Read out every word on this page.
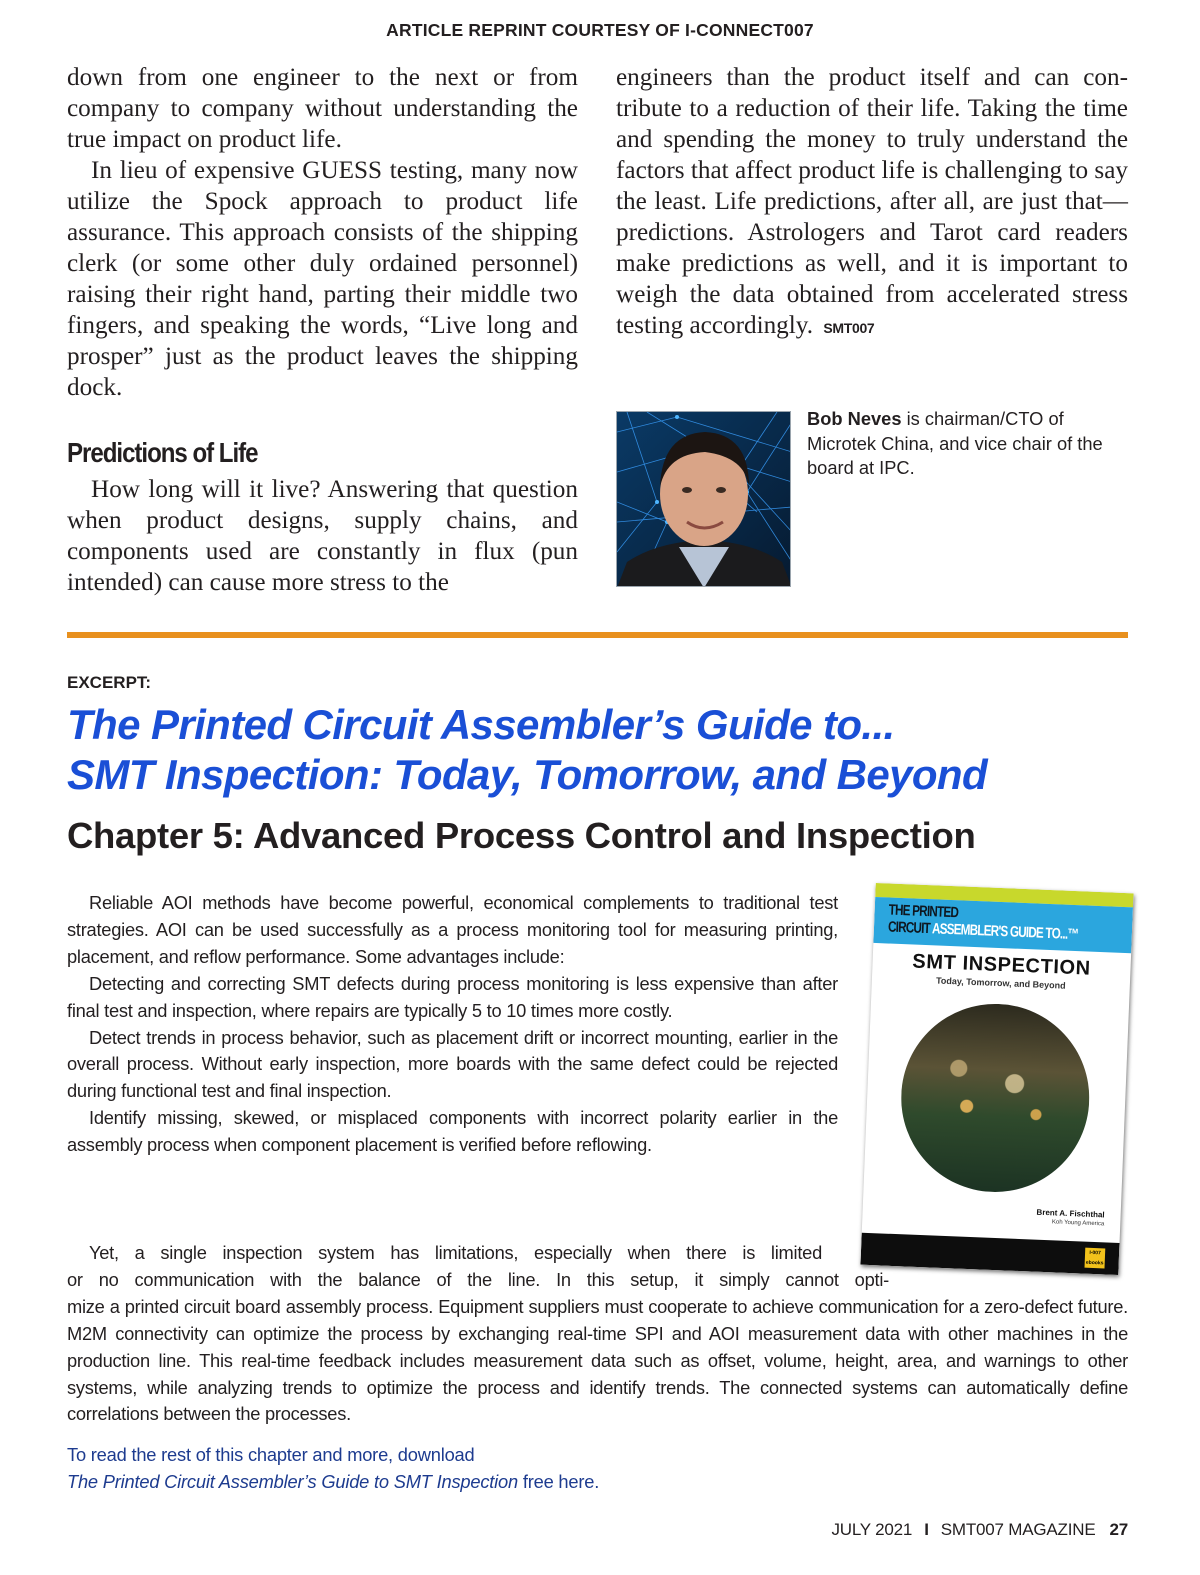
ARTICLE REPRINT COURTESY OF I-CONNECT007

down from one engineer to the next or from company to company without understanding the true impact on product life.

In lieu of expensive GUESS testing, many now utilize the Spock approach to product life assurance. This approach consists of the shipping clerk (or some other duly ordained personnel) raising their right hand, parting their middle two fingers, and speaking the words, “Live long and prosper” just as the product leaves the shipping dock.

Predictions of Life

How long will it live? Answering that question when product designs, supply chains, and components used are constantly in flux (pun intended) can cause more stress to the

engineers than the product itself and can contribute to a reduction of their life. Taking the time and spending the money to truly understand the factors that affect product life is challenging to say the least. Life predictions, after all, are just that—predictions. Astrologers and Tarot card readers make predictions as well, and it is important to weigh the data obtained from accelerated stress testing accordingly. SMT007

Bob Neves is chairman/CTO of Microtek China, and vice chair of the board at IPC.
EXCERPT:
The Printed Circuit Assembler’s Guide to...
SMT Inspection: Today, Tomorrow, and Beyond
Chapter 5: Advanced Process Control and Inspection

Reliable AOI methods have become powerful, economical complements to traditional test strategies. AOI can be used successfully as a process monitoring tool for measuring printing, placement, and reflow performance. Some advantages include:

Detecting and correcting SMT defects during process monitoring is less expensive than after final test and inspection, where repairs are typically 5 to 10 times more costly.

Detect trends in process behavior, such as placement drift or incorrect mounting, earlier in the overall process. Without early inspection, more boards with the same defect could be rejected during functional test and final inspection.

Identify missing, skewed, or misplaced components with incorrect polarity earlier in the assembly process when component placement is verified before reflowing.

Yet, a single inspection system has limitations, especially when there is limited
or no communication with the balance of the line. In this setup, it simply cannot opti-
mize a printed circuit board assembly process. Equipment suppliers must cooperate to achieve communication for a zero-defect future. M2M connectivity can optimize the process by exchanging real-time SPI and AOI measurement data with other machines in the production line. This real-time feedback includes measurement data such as offset, volume, height, area, and warnings to other systems, while analyzing trends to optimize the process and identify trends. The connected systems can automatically define correlations between the processes.
THE PRINTED
CIRCUIT ASSEMBLER'S GUIDE TO...™
SMT INSPECTION
Today, Tomorrow, and Beyond
Brent A. Fischthal
Koh Young America
I-007 ebooks
To read the rest of this chapter and more, download
The Printed Circuit Assembler’s Guide to SMT Inspection free here.
JULY 2021 I SMT007 MAGAZINE 27
